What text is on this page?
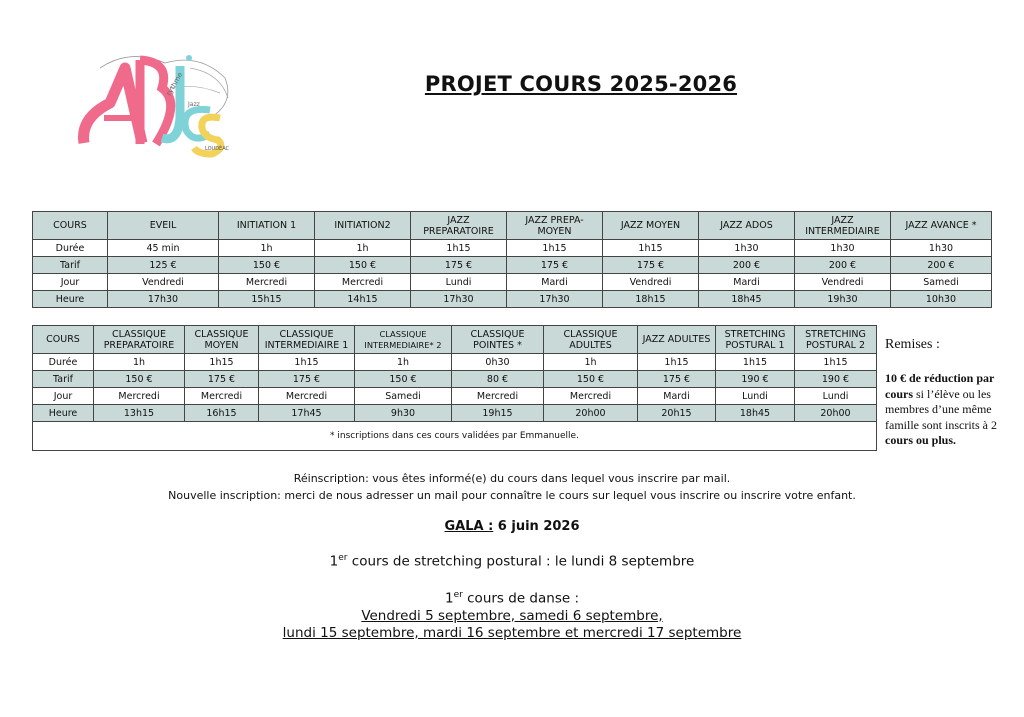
rythme
Jazz
LOUDÉAC
PROJET COURS 2025-2026
COURS	EVEIL	INITIATION 1	INITIATION2	JAZZ PREPARATOIRE	JAZZ PREPA-MOYEN	JAZZ MOYEN	JAZZ ADOS	JAZZ INTERMEDIAIRE	JAZZ AVANCE *
Durée	45 min	1h	1h	1h15	1h15	1h15	1h30	1h30	1h30
Tarif	125 €	150 €	150 €	175 €	175 €	175 €	200 €	200 €	200 €
Jour	Vendredi	Mercredi	Mercredi	Lundi	Mardi	Vendredi	Mardi	Vendredi	Samedi
Heure	17h30	15h15	14h15	17h30	17h30	18h15	18h45	19h30	10h30
COURS	CLASSIQUE PREPARATOIRE	CLASSIQUE MOYEN	CLASSIQUE INTERMEDIAIRE 1	CLASSIQUE INTERMEDIAIRE* 2	CLASSIQUE POINTES *	CLASSIQUE ADULTES	JAZZ ADULTES	STRETCHING POSTURAL 1	STRETCHING POSTURAL 2
Durée	1h	1h15	1h15	1h	0h30	1h	1h15	1h15	1h15
Tarif	150 €	175 €	175 €	150 €	80 €	150 €	175 €	190 €	190 €
Jour	Mercredi	Mercredi	Mercredi	Samedi	Mercredi	Mercredi	Mardi	Lundi	Lundi
Heure	13h15	16h15	17h45	9h30	19h15	20h00	20h15	18h45	20h00
* inscriptions dans ces cours validées par Emmanuelle.									
Remises :
10 € de réduction par cours si l’élève ou les membres d’une même famille sont inscrits à 2 cours ou plus.
Réinscription: vous êtes informé(e) du cours dans lequel vous inscrire par mail.
Nouvelle inscription: merci de nous adresser un mail pour connaître le cours sur lequel vous inscrire ou inscrire votre enfant.
GALA : 6 juin 2026
1er cours de stretching postural : le lundi 8 septembre
1er cours de danse :
Vendredi 5 septembre, samedi 6 septembre,
lundi 15 septembre, mardi 16 septembre et mercredi 17 septembre
